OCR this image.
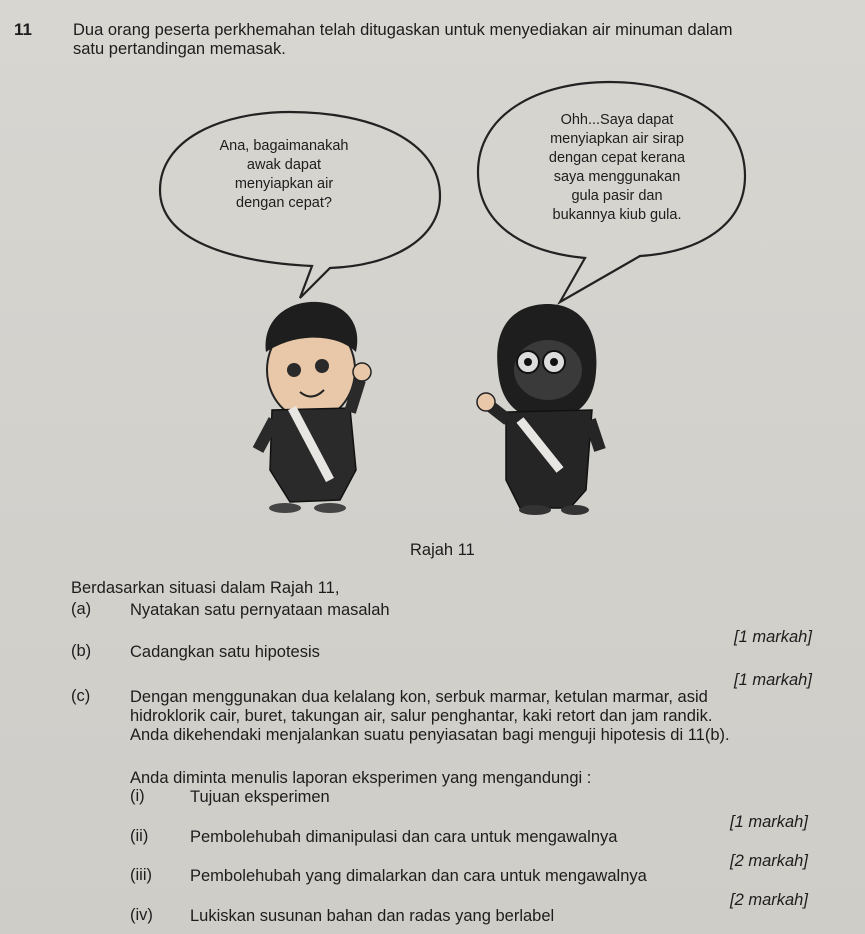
11 Dua orang peserta perkhemahan telah ditugaskan untuk menyediakan air minuman dalam
satu pertandingan memasak.
Ana, bagaimanakah
awak dapat
menyiapkan air
dengan cepat?
Ohh...Saya dapat
menyiapkan air sirap
dengan cepat kerana
saya menggunakan
gula pasir dan
bukannya kiub gula.
Rajah 11
Berdasarkan situasi dalam Rajah 11,
(a) Nyatakan satu pernyataan masalah
[1 markah]
(b) Cadangkan satu hipotesis
[1 markah]
(c) Dengan menggunakan dua kelalang kon, serbuk marmar, ketulan marmar, asid
hidroklorik cair, buret, takungan air, salur penghantar, kaki retort dan jam randik.
Anda dikehendaki menjalankan suatu penyiasatan bagi menguji hipotesis di 11(b).
Anda diminta menulis laporan eksperimen yang mengandungi :
(i)	Tujuan eksperimen
[1 markah]
(ii)	Pembolehubah dimanipulasi dan cara untuk mengawalnya
[2 markah]
(iii) Pembolehubah yang dimalarkan dan cara untuk mengawalnya
[2 markah]
(iv) Lukiskan susunan bahan dan radas yang berlabel
